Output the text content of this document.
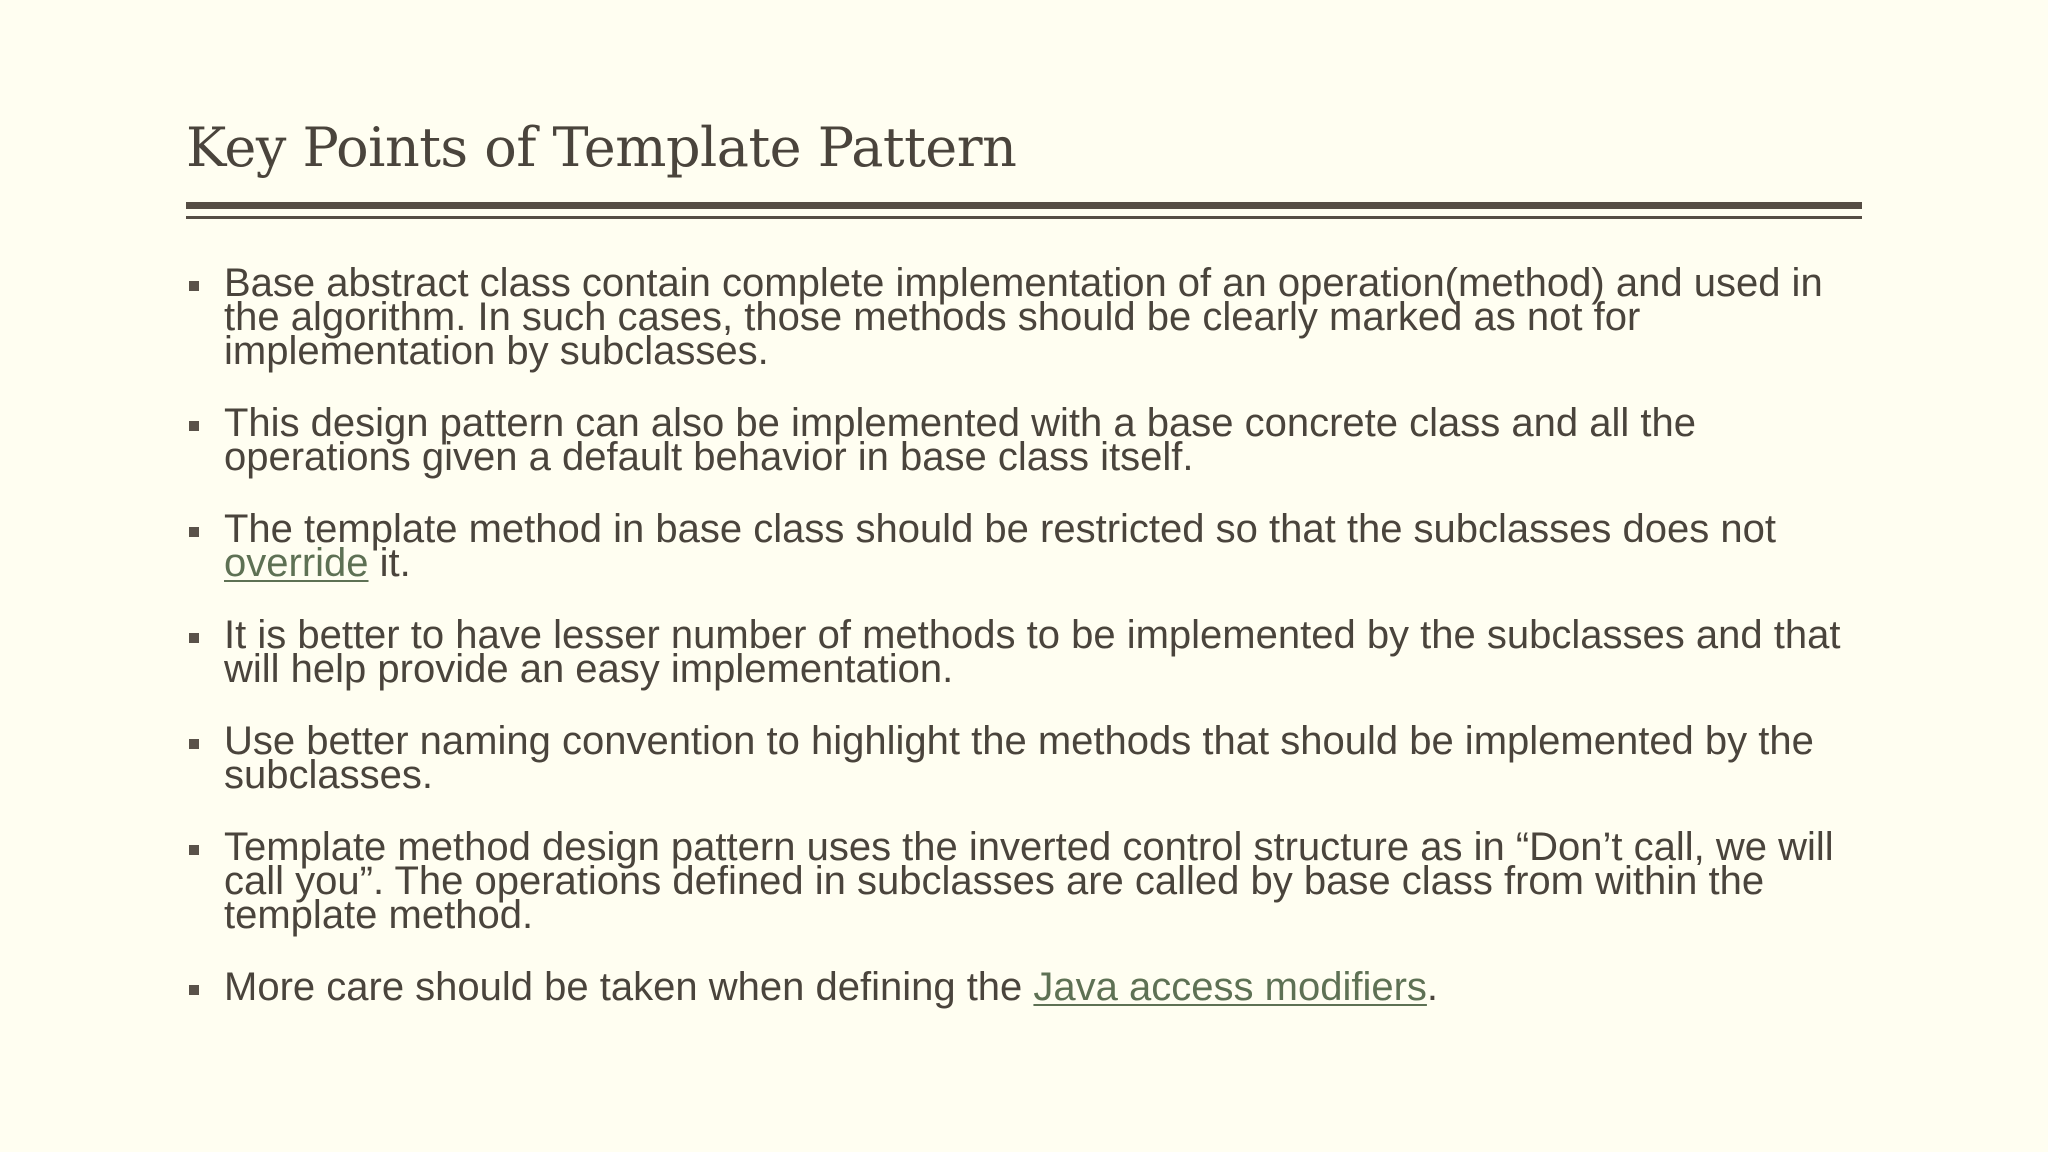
Key Points of Template Pattern
Base abstract class contain complete implementation of an operation(method) and used in the algorithm. In such cases, those methods should be clearly marked as not for implementation by subclasses.
This design pattern can also be implemented with a base concrete class and all the operations given a default behavior in base class itself.
The template method in base class should be restricted so that the subclasses does not override it.
It is better to have lesser number of methods to be implemented by the subclasses and that will help provide an easy implementation.
Use better naming convention to highlight the methods that should be implemented by the subclasses.
Template method design pattern uses the inverted control structure as in “Don’t call, we will call you”. The operations defined in subclasses are called by base class from within the template method.
More care should be taken when defining the Java access modifiers.
